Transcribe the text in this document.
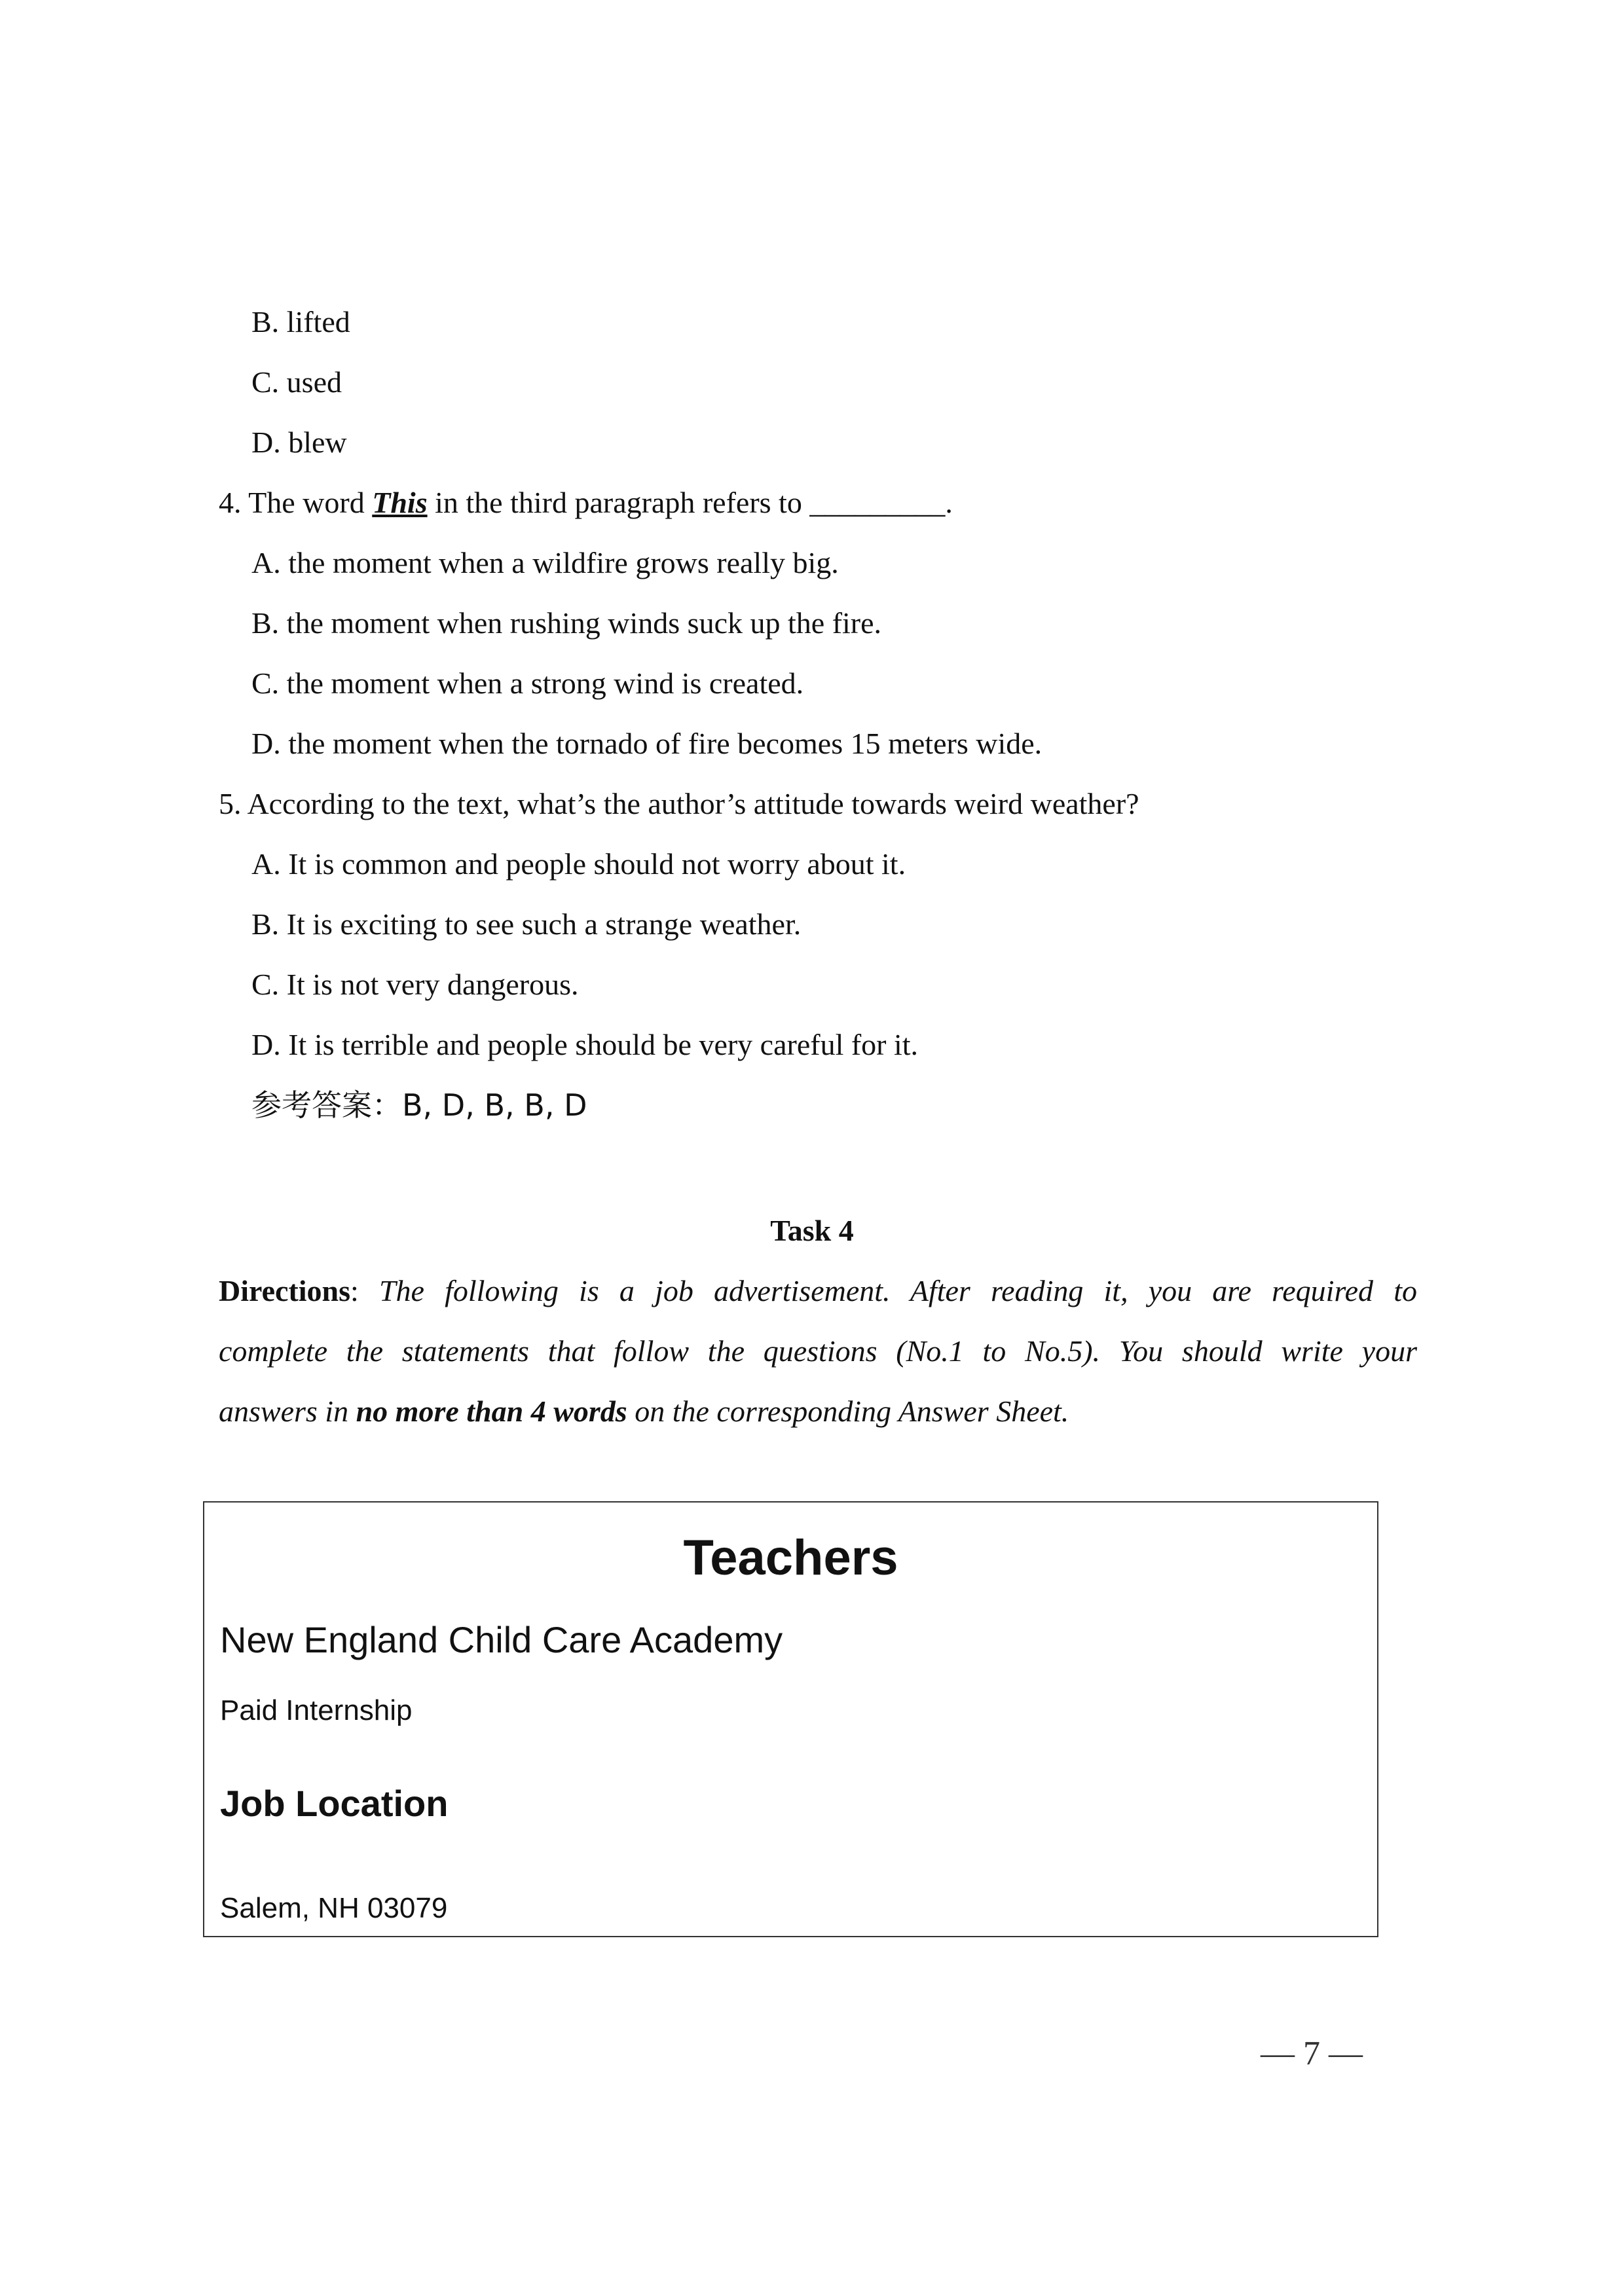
B. lifted
C. used
D. blew
4. The word This in the third paragraph refers to _________.
A. the moment when a wildfire grows really big.
B. the moment when rushing winds suck up the fire.
C. the moment when a strong wind is created.
D. the moment when the tornado of fire becomes 15 meters wide.
5. According to the text, what’s the author’s attitude towards weird weather?
A. It is common and people should not worry about it.
B. It is exciting to see such a strange weather.
C. It is not very dangerous.
D. It is terrible and people should be very careful for it.
参考答案：B, D, B, B, D
Task 4
Directions: The following is a job advertisement. After reading it, you are required to
complete the statements that follow the questions (No.1 to No.5). You should write your
answers in no more than 4 words on the corresponding Answer Sheet.
Teachers
New England Child Care Academy
Paid Internship
Job Location
Salem, NH 03079
— 7 —
